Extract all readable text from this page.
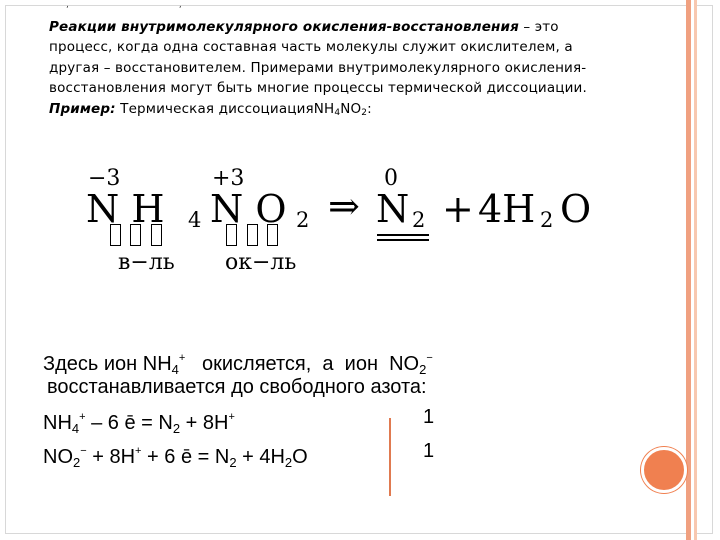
,	,
Реакции внутримолекулярного окисления-восстановления – это процесс, когда одна составная часть молекулы служит окислителем, а другая – восстановителем. Примерами внутримолекулярного окисления-восстановления могут быть многие процессы термической диссоциации.
Пример: Термическая диссоциацияNH4NO2:
−3	+3	0
N H 4 N O 2 ⇒ N 2 + 4H 2 O
в−ль ок−ль
Здесь ион $NH_4^+$   окисляется,  а  ион  $NO_2^-$
восстанавливается до свободного азота:
$NH_4^+ - 6$ ē = $N_2 + 8H^+$	1
$NO_2^- + 8H^+ + 6$ ē = $N_2 + 4H_2O$	1
